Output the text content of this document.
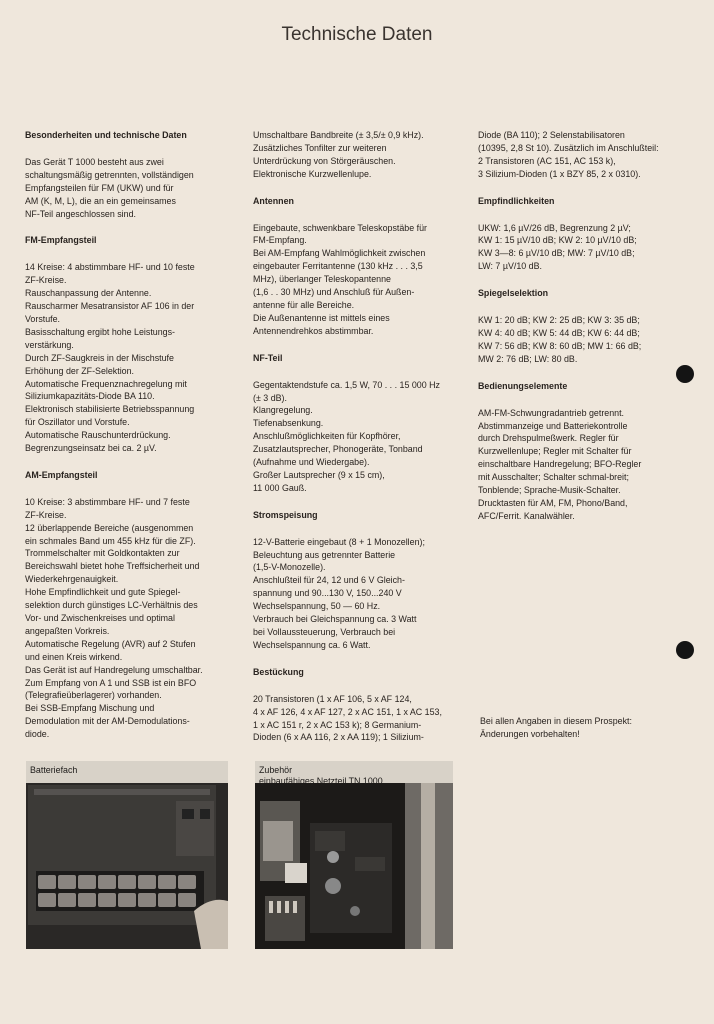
Technische Daten
Besonderheiten und technische Daten
Das Gerät T 1000 besteht aus zwei
schaltungsmäßig getrennten, vollständigen
Empfangsteilen für FM (UKW) und für
AM (K, M, L), die an ein gemeinsames
NF-Teil angeschlossen sind.
FM-Empfangsteil
14 Kreise: 4 abstimmbare HF- und 10 feste
ZF-Kreise.
Rauschanpassung der Antenne.
Rauscharmer Mesatransistor AF 106 in der
Vorstufe.
Basisschaltung ergibt hohe Leistungs-
verstärkung.
Durch ZF-Saugkreis in der Mischstufe
Erhöhung der ZF-Selektion.
Automatische Frequenznachregelung mit
Siliziumkapazitäts-Diode BA 110.
Elektronisch stabilisierte Betriebsspannung
für Oszillator und Vorstufe.
Automatische Rauschunterdrückung.
Begrenzungseinsatz bei ca. 2 µV.
AM-Empfangsteil
10 Kreise: 3 abstimmbare HF- und 7 feste
ZF-Kreise.
12 überlappende Bereiche (ausgenommen
ein schmales Band um 455 kHz für die ZF).
Trommelschalter mit Goldkontakten zur
Bereichswahl bietet hohe Treffsicherheit und
Wiederkehrgenauigkeit.
Hohe Empfindlichkeit und gute Spiegel-
selektion durch günstiges LC-Verhältnis des
Vor- und Zwischenkreises und optimal
angepaßten Vorkreis.
Automatische Regelung (AVR) auf 2 Stufen
und einen Kreis wirkend.
Das Gerät ist auf Handregelung umschaltbar.
Zum Empfang von A 1 und SSB ist ein BFO
(Telegrafieüberlagerer) vorhanden.
Bei SSB-Empfang Mischung und
Demodulation mit der AM-Demodulations-
diode.
Umschaltbare Bandbreite (± 3,5/± 0,9 kHz).
Zusätzliches Tonfilter zur weiteren
Unterdrückung von Störgeräuschen.
Elektronische Kurzwellenlupe.
Antennen
Eingebaute, schwenkbare Teleskopstäbe für
FM-Empfang.
Bei AM-Empfang Wahlmöglichkeit zwischen
eingebauter Ferritantenne (130 kHz . . . 3,5
MHz), überlanger Teleskopantenne
(1,6 . . 30 MHz) und Anschluß für Außen-
antenne für alle Bereiche.
Die Außenantenne ist mittels eines
Antennendrehkos abstimmbar.
NF-Teil
Gegentaktendstufe ca. 1,5 W, 70 . . . 15 000 Hz
(± 3 dB).
Klangregelung.
Tiefenabsenkung.
Anschlußmöglichkeiten für Kopfhörer,
Zusatzlautsprecher, Phonogeräte, Tonband
(Aufnahme und Wiedergabe).
Großer Lautsprecher (9 x 15 cm),
11 000 Gauß.
Stromspeisung
12-V-Batterie eingebaut (8 + 1 Monozellen);
Beleuchtung aus getrennter Batterie
(1,5-V-Monozelle).
Anschlußteil für 24, 12 und 6 V Gleich-
spannung und 90...130 V, 150...240 V
Wechselspannung, 50 — 60 Hz.
Verbrauch bei Gleichspannung ca. 3 Watt
bei Vollaussteuerung, Verbrauch bei
Wechselspannung ca. 6 Watt.
Bestückung
20 Transistoren (1 x AF 106, 5 x AF 124,
4 x AF 126, 4 x AF 127, 2 x AC 151, 1 x AC 153,
1 x AC 151 r, 2 x AC 153 k); 8 Germanium-
Dioden (6 x AA 116, 2 x AA 119); 1 Silizium-
Diode (BA 110); 2 Selenstabilisatoren
(10395, 2,8 St 10). Zusätzlich im Anschlußteil:
2 Transistoren (AC 151, AC 153 k),
3 Silizium-Dioden (1 x BZY 85, 2 x 0310).
Empfindlichkeiten
UKW: 1,6 µV/26 dB, Begrenzung 2 µV;
KW 1: 15 µV/10 dB; KW 2: 10 µV/10 dB;
KW 3—8: 6 µV/10 dB; MW: 7 µV/10 dB;
LW: 7 µV/10 dB.
Spiegelselektion
KW 1: 20 dB; KW 2: 25 dB; KW 3: 35 dB;
KW 4: 40 dB; KW 5: 44 dB; KW 6: 44 dB;
KW 7: 56 dB; KW 8: 60 dB; MW 1: 66 dB;
MW 2: 76 dB; LW: 80 dB.
Bedienungselemente
AM-FM-Schwungradantrieb getrennt.
Abstimmanzeige und Batteriekontrolle
durch Drehspulmeßwerk. Regler für
Kurzwellenlupe; Regler mit Schalter für
einschaltbare Handregelung; BFO-Regler
mit Ausschalter; Schalter schmal-breit;
Tonblende; Sprache-Musik-Schalter.
Drucktasten für AM, FM, Phono/Band,
AFC/Ferrit. Kanalwähler.
Bei allen Angaben in diesem Prospekt:
Änderungen vorbehalten!
Batteriefach	Zubehör
einbaufähiges Netzteil TN 1000
